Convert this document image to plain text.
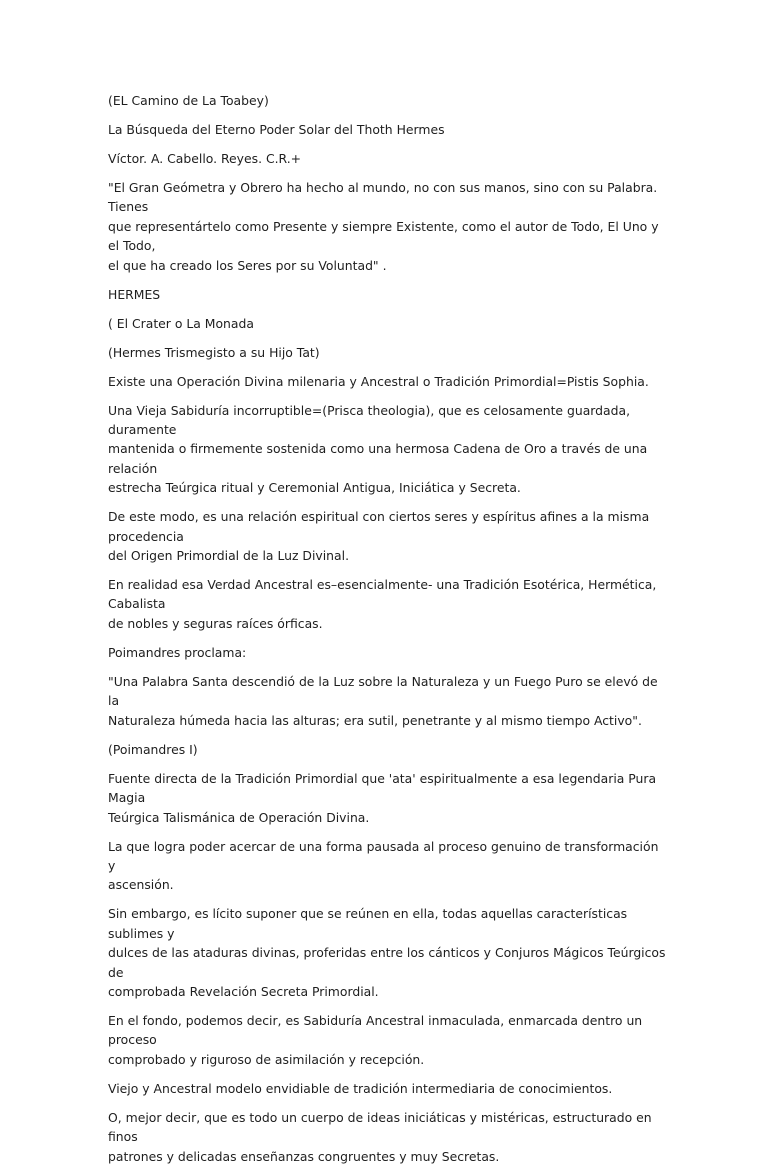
(EL Camino de La Toabey)

La Búsqueda del Eterno Poder Solar del Thoth Hermes

Víctor. A. Cabello. Reyes. C.R.+

"El Gran Geómetra y Obrero ha hecho al mundo, no con sus manos, sino con su Palabra. Tienes
que representártelo como Presente y siempre Existente, como el autor de Todo, El Uno y el Todo,
el que ha creado los Seres por su Voluntad" .

HERMES

( El Crater o La Monada

(Hermes Trismegisto a su Hijo Tat)

Existe una Operación Divina milenaria y Ancestral o Tradición Primordial=Pistis Sophia.

Una Vieja Sabiduría incorruptible=(Prisca theologia), que es celosamente guardada, duramente
mantenida o firmemente sostenida como una hermosa Cadena de Oro a través de una relación
estrecha Teúrgica ritual y Ceremonial Antigua, Iniciática y Secreta.

De este modo, es una relación espiritual con ciertos seres y espíritus afines a la misma procedencia
del Origen Primordial de la Luz Divinal.

En realidad esa Verdad Ancestral es–esencialmente- una Tradición Esotérica, Hermética, Cabalista
de nobles y seguras raíces órficas.

Poimandres proclama:

"Una Palabra Santa descendió de la Luz sobre la Naturaleza y un Fuego Puro se elevó de la
Naturaleza húmeda hacia las alturas; era sutil, penetrante y al mismo tiempo Activo".

(Poimandres I)

Fuente directa de la Tradición Primordial que 'ata' espiritualmente a esa legendaria Pura Magia
Teúrgica Talismánica de Operación Divina.

La que logra poder acercar de una forma pausada al proceso genuino de transformación y
ascensión.

Sin embargo, es lícito suponer que se reúnen en ella, todas aquellas características sublimes y
dulces de las ataduras divinas, proferidas entre los cánticos y Conjuros Mágicos Teúrgicos de
comprobada Revelación Secreta Primordial.

En el fondo, podemos decir, es Sabiduría Ancestral inmaculada, enmarcada dentro un proceso
comprobado y riguroso de asimilación y recepción.

Viejo y Ancestral modelo envidiable de tradición intermediaria de conocimientos.

O, mejor decir, que es todo un cuerpo de ideas iniciáticas y mistéricas, estructurado en finos
patrones y delicadas enseñanzas congruentes y muy Secretas.
